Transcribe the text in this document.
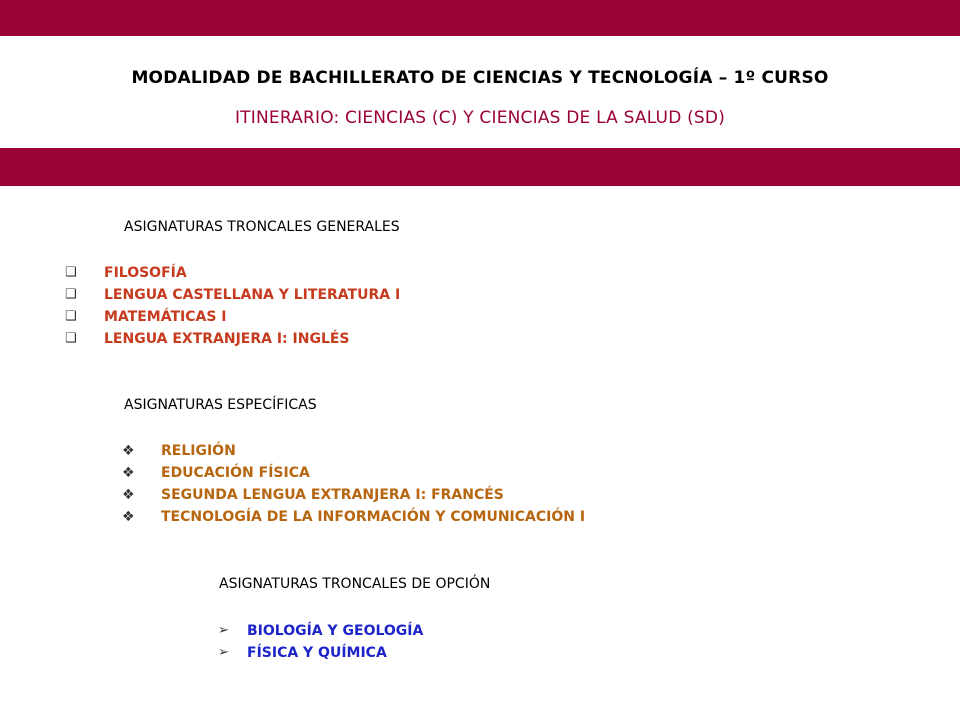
MODALIDAD DE BACHILLERATO DE CIENCIAS Y TECNOLOGÍA – 1º CURSO
ITINERARIO: CIENCIAS (C) Y CIENCIAS DE LA SALUD (SD)
ASIGNATURAS TRONCALES GENERALES
❑ FILOSOFÍA
❑ LENGUA CASTELLANA Y LITERATURA I
❑ MATEMÁTICAS I
❑ LENGUA EXTRANJERA I: INGLÉS
ASIGNATURAS ESPECÍFICAS
❖ RELIGIÓN
❖ EDUCACIÓN FÍSICA
❖ SEGUNDA LENGUA EXTRANJERA I: FRANCÉS
❖ TECNOLOGÍA DE LA INFORMACIÓN Y COMUNICACIÓN I
ASIGNATURAS TRONCALES DE OPCIÓN
➢ BIOLOGÍA Y GEOLOGÍA
➢ FÍSICA Y QUÍMICA
